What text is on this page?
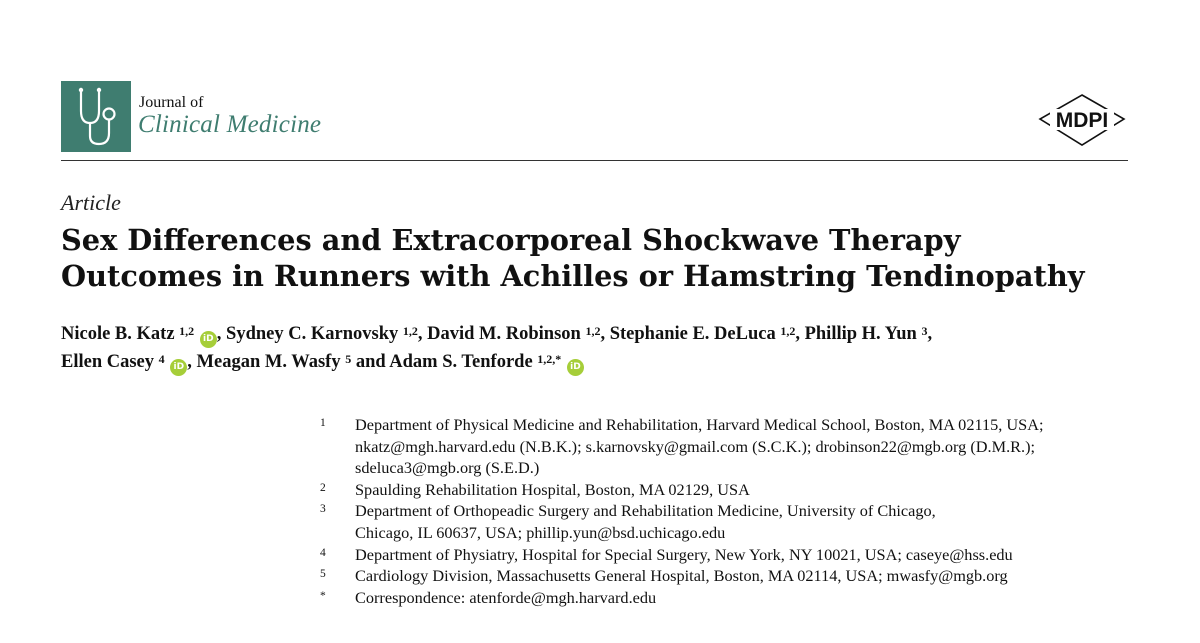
Journal of
Clinical Medicine	MDPI
Article
Sex Differences and Extracorporeal Shockwave Therapy
Outcomes in Runners with Achilles or Hamstring Tendinopathy
Nicole B. Katz $^{1,2}$ iD , Sydney C. Karnovsky $^{1,2}$, David M. Robinson $^{1,2}$, Stephanie E. DeLuca $^{1,2}$, Phillip H. Yun $^3$,
Ellen Casey $^4$ iD , Meagan M. Wasfy $^5$ and Adam S. Tenforde $^{1,2,*}$ iD
1	Department of Physical Medicine and Rehabilitation, Harvard Medical School, Boston, MA 02115, USA;
nkatz@mgh.harvard.edu (N.B.K.); s.karnovsky@gmail.com (S.C.K.); drobinson22@mgb.org (D.M.R.);
sdeluca3@mgb.org (S.E.D.)
2	Spaulding Rehabilitation Hospital, Boston, MA 02129, USA
3	Department of Orthopeadic Surgery and Rehabilitation Medicine, University of Chicago,
Chicago, IL 60637, USA; phillip.yun@bsd.uchicago.edu
4	Department of Physiatry, Hospital for Special Surgery, New York, NY 10021, USA; caseye@hss.edu
5	Cardiology Division, Massachusetts General Hospital, Boston, MA 02114, USA; mwasfy@mgb.org
*	Correspondence: atenforde@mgh.harvard.edu
